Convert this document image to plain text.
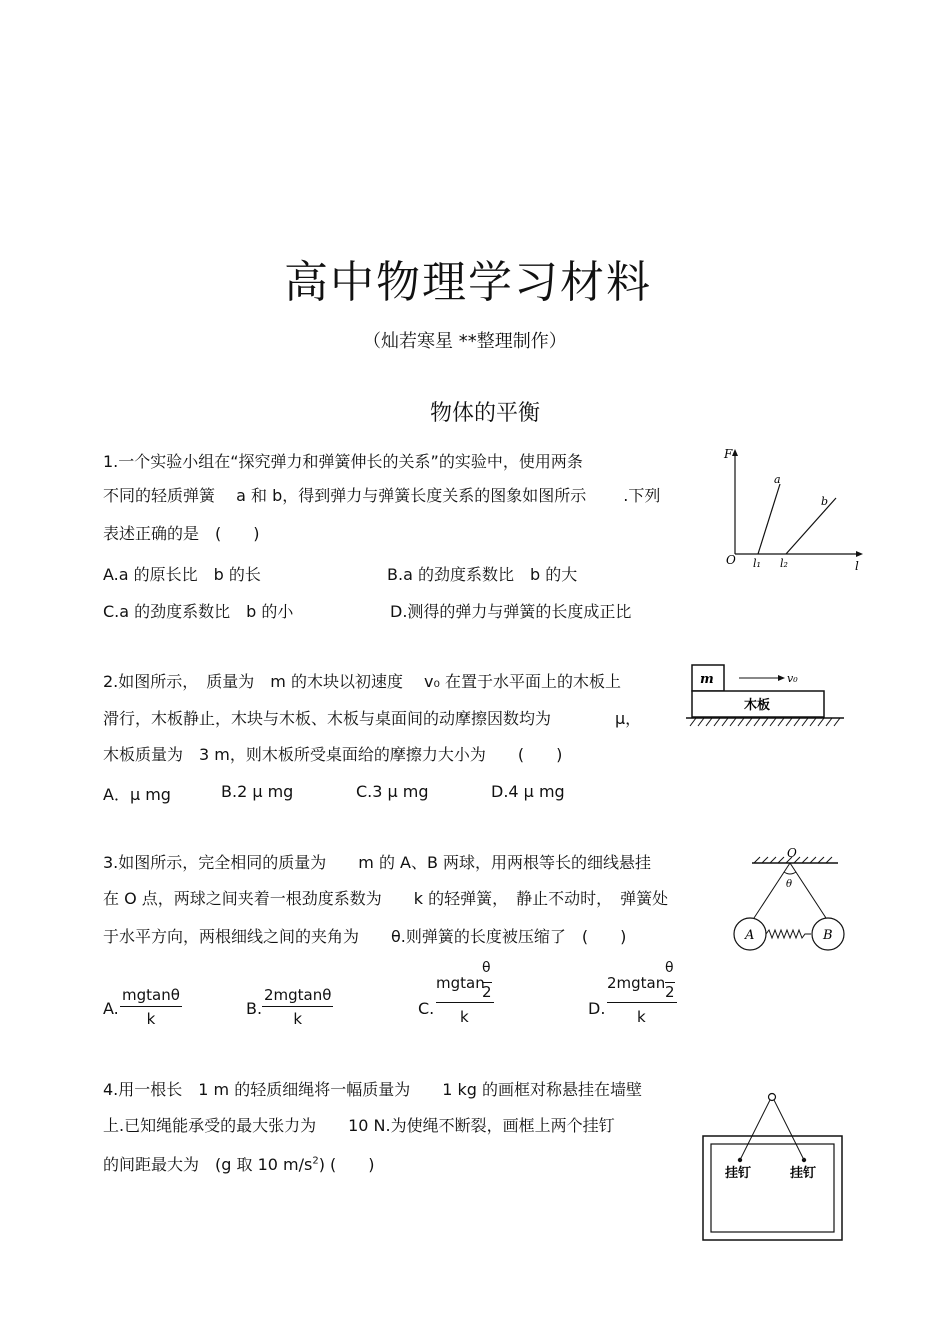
高中物理学习材料
（灿若寒星 **整理制作）
物体的平衡
1.一个实验小组在“探究弹力和弹簧伸长的关系”的实验中，使用两条
不同的轻质弹簧　 a 和 b，得到弹力与弹簧长度关系的图象如图所示　　 .下列
表述正确的是　(　　)
A.a 的原长比　b 的长	B.a 的劲度系数比　b 的大
C.a 的劲度系数比　b 的小	D.测得的弹力与弹簧的长度成正比
F
l
O
a
b
l₁ l₂
2.如图所示，　质量为　m 的木块以初速度　 v₀ 在置于水平面上的木板上
滑行，木板静止，木块与木板、木板与桌面间的动摩擦因数均为　　　　μ，
木板质量为　3 m，则木板所受桌面给的摩擦力大小为　　(　　)
A．μ mg	B.2 μ mg	C.3 μ mg	D.4 μ mg
m	v₀
木板
3.如图所示，完全相同的质量为　　m 的 A、B 两球，用两根等长的细线悬挂
在 O 点，两球之间夹着一根劲度系数为　　k 的轻弹簧，　静止不动时，　弹簧处
于水平方向，两根细线之间的夹角为　　θ.则弹簧的长度被压缩了　(　　)
A. $\frac{mgtan\theta}{k}$	B. $\frac{2mgtan\theta}{k}$	C.
mgtan
θ
2
k	D.
2mgtan
θ
2
k
O
θ
A	B
4.用一根长　1 m 的轻质细绳将一幅质量为　　1 kg 的画框对称悬挂在墙壁
上.已知绳能承受的最大张力为　　10 N.为使绳不断裂，画框上两个挂钉
的间距最大为　(g 取 10 $m/s^2$) (　　)	挂钉	挂钉
